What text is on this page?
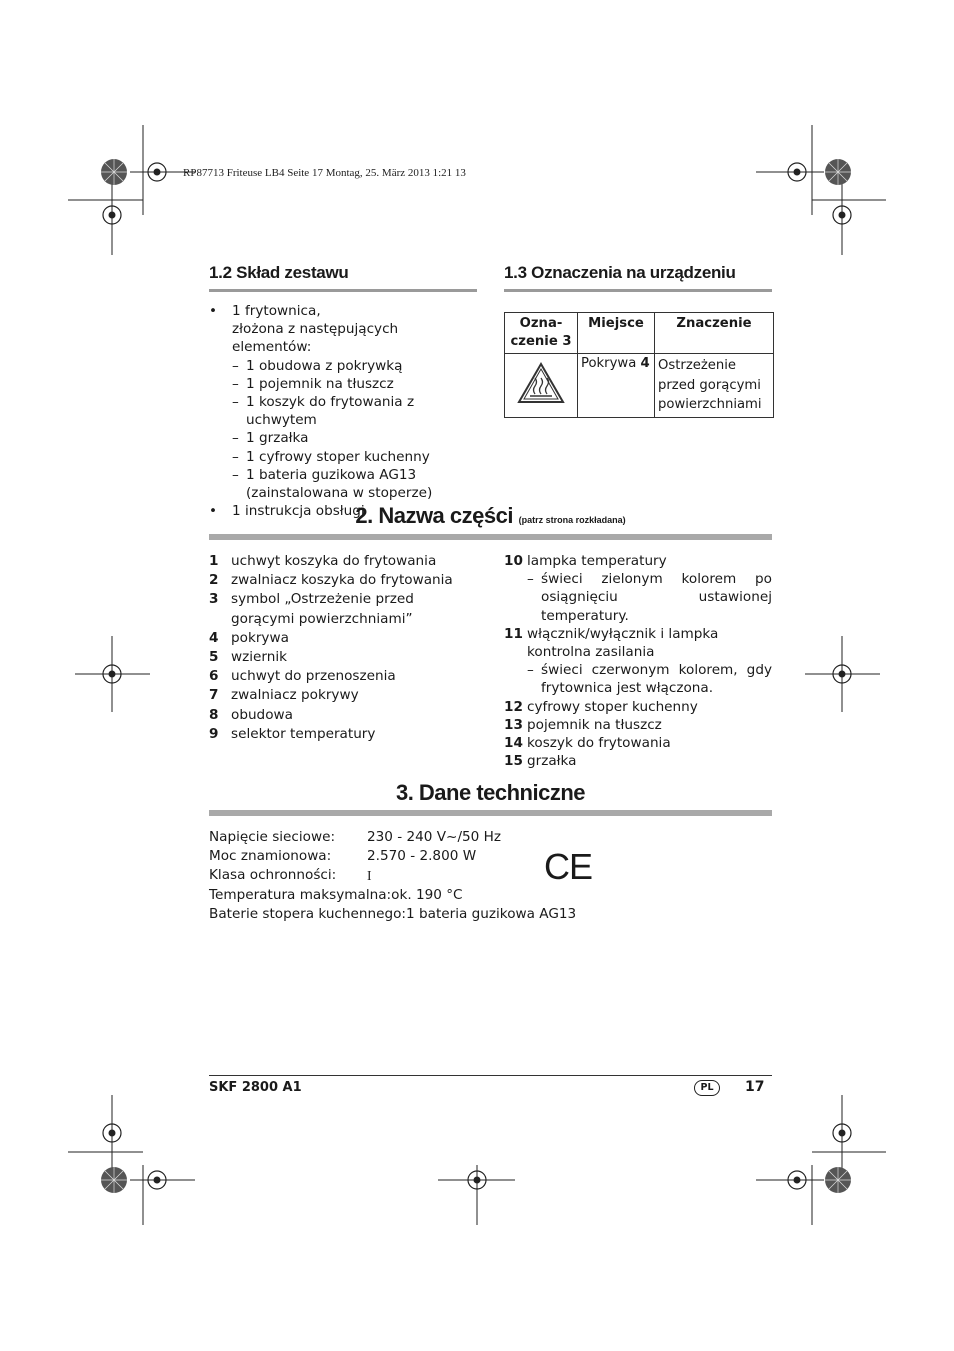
RP87713 Friteuse LB4 Seite 17 Montag, 25. März 2013 1:21 13
1.2 Skład zestawu
• 1 frytownica,
złożona z następujących elementów:
– 1 obudowa z pokrywką
– 1 pojemnik na tłuszcz
– 1 koszyk do frytowania z uchwytem
– 1 grzałka
– 1 cyfrowy stoper kuchenny
– 1 bateria guzikowa AG13
(zainstalowana w stoperze)
• 1 instrukcja obsługi
1.3 Oznaczenia na urządzeniu
Ozna-
czenie 3	Miejsce	Znaczenie
	Pokrywa 4	Ostrzeżenie przed gorącymi powierzchniami
2. Nazwa części (patrz strona rozkładana)
1 uchwyt koszyka do frytowania
2 zwalniacz koszyka do frytowania
3 symbol „Ostrzeżenie przed gorącymi powierzchniami”
4 pokrywa
5 wziernik
6 uchwyt do przenoszenia
7 zwalniacz pokrywy
8 obudowa
9 selektor temperatury
10 lampka temperatury
– świeci zielonym kolorem po osiągnięciu ustawionej temperatury.
11 włącznik/wyłącznik i lampka kontrolna zasilania
– świeci czerwonym kolorem, gdy frytownica jest włączona.
12 cyfrowy stoper kuchenny
13 pojemnik na tłuszcz
14 koszyk do frytowania
15 grzałka
3. Dane techniczne
Napięcie sieciowe:	230 - 240 V~/50 Hz
Moc znamionowa:	2.570 - 2.800 W
Klasa ochronności:	I
Temperatura maksymalna:ok. 190 °C
Baterie stopera kuchennego:1 bateria guzikowa AG13
CE
SKF 2800 A1	PL	17
